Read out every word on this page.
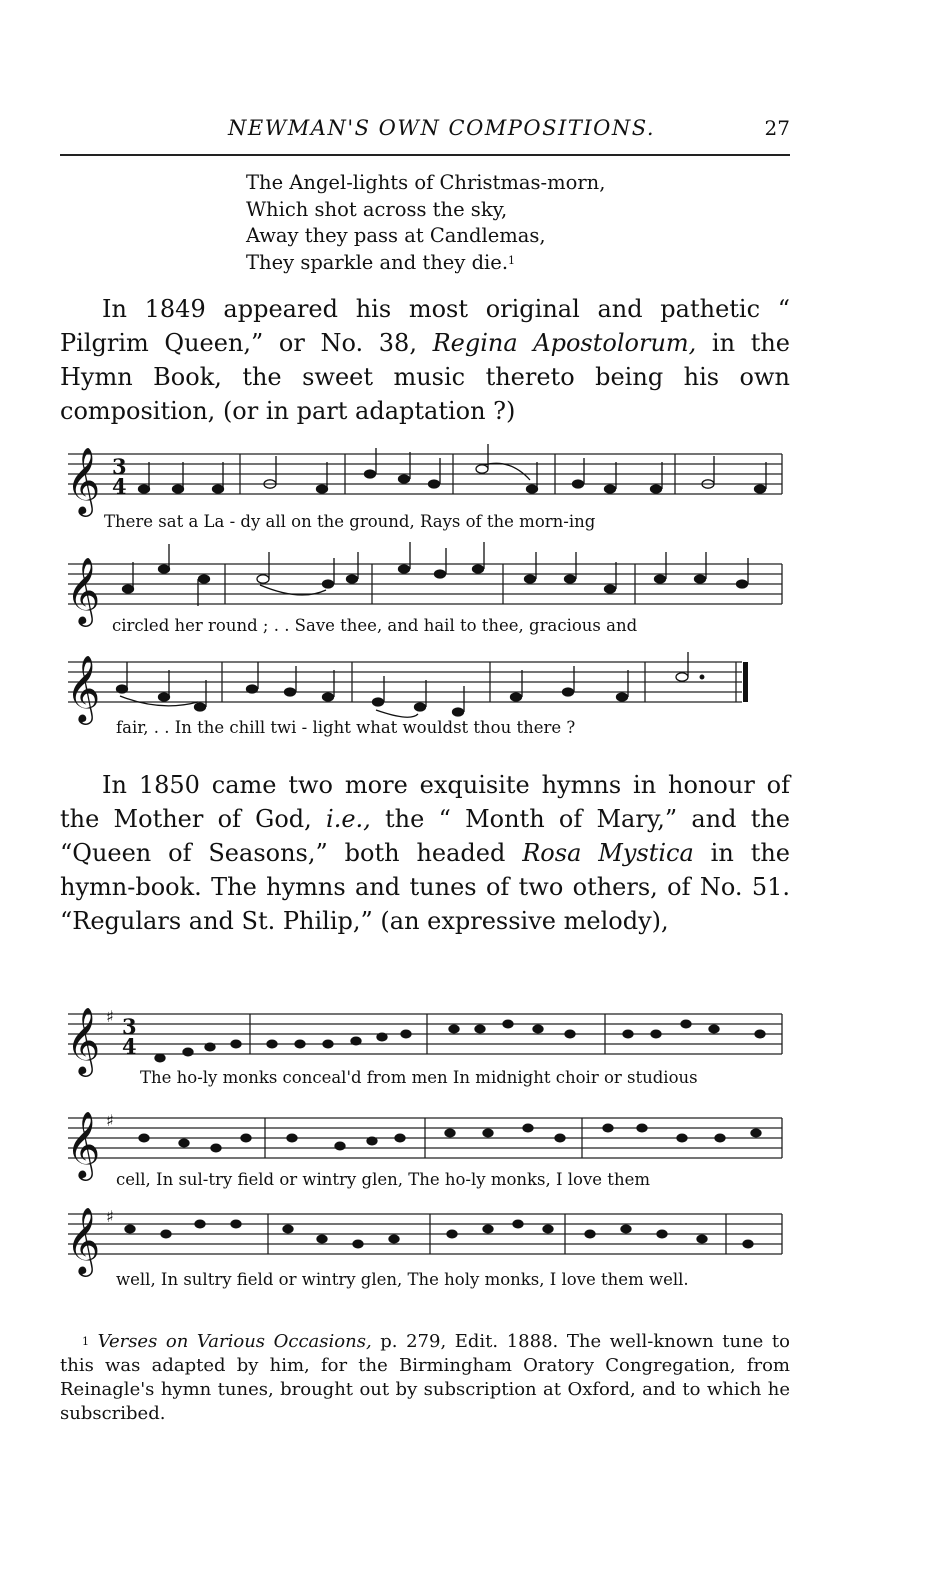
NEWMAN'S OWN COMPOSITIONS.	27
The Angel-lights of Christmas-morn,
Which shot across the sky,
Away they pass at Candlemas,
They sparkle and they die.$^1$

In 1849 appeared his most original and pathetic “ Pilgrim Queen,” or No. 38, Regina Apostolorum, in the Hymn Book, the sweet music thereto being his own composition, (or in part adaptation ?)

𝄞
𝄞
𝄞
3
4
There sat a La - dy all on the ground, Rays of the morn-ing
circled her round ; . . Save thee, and hail to thee, gracious and
fair, . . In the chill twi - light what wouldst thou there ?

In 1850 came two more exquisite hymns in honour of the Mother of God, i.e., the “ Month of Mary,” and the “Queen of Seasons,” both headed Rosa Mystica in the hymn-book. The hymns and tunes of two others, of No. 51. “Regulars and St. Philip,” (an expressive melody),

𝄞
𝄞
𝄞
♯
♯
♯
3
4
The ho-ly monks conceal'd from men In midnight choir or studious
cell, In sul-try field or wintry glen, The ho-ly monks, I love them
well, In sultry field or wintry glen, The holy monks, I love them well.

$^1$ Verses on Various Occasions, p. 279, Edit. 1888. The well-known tune to this was adapted by him, for the Birmingham Oratory Congregation, from Reinagle's hymn tunes, brought out by subscription at Oxford, and to which he subscribed.
